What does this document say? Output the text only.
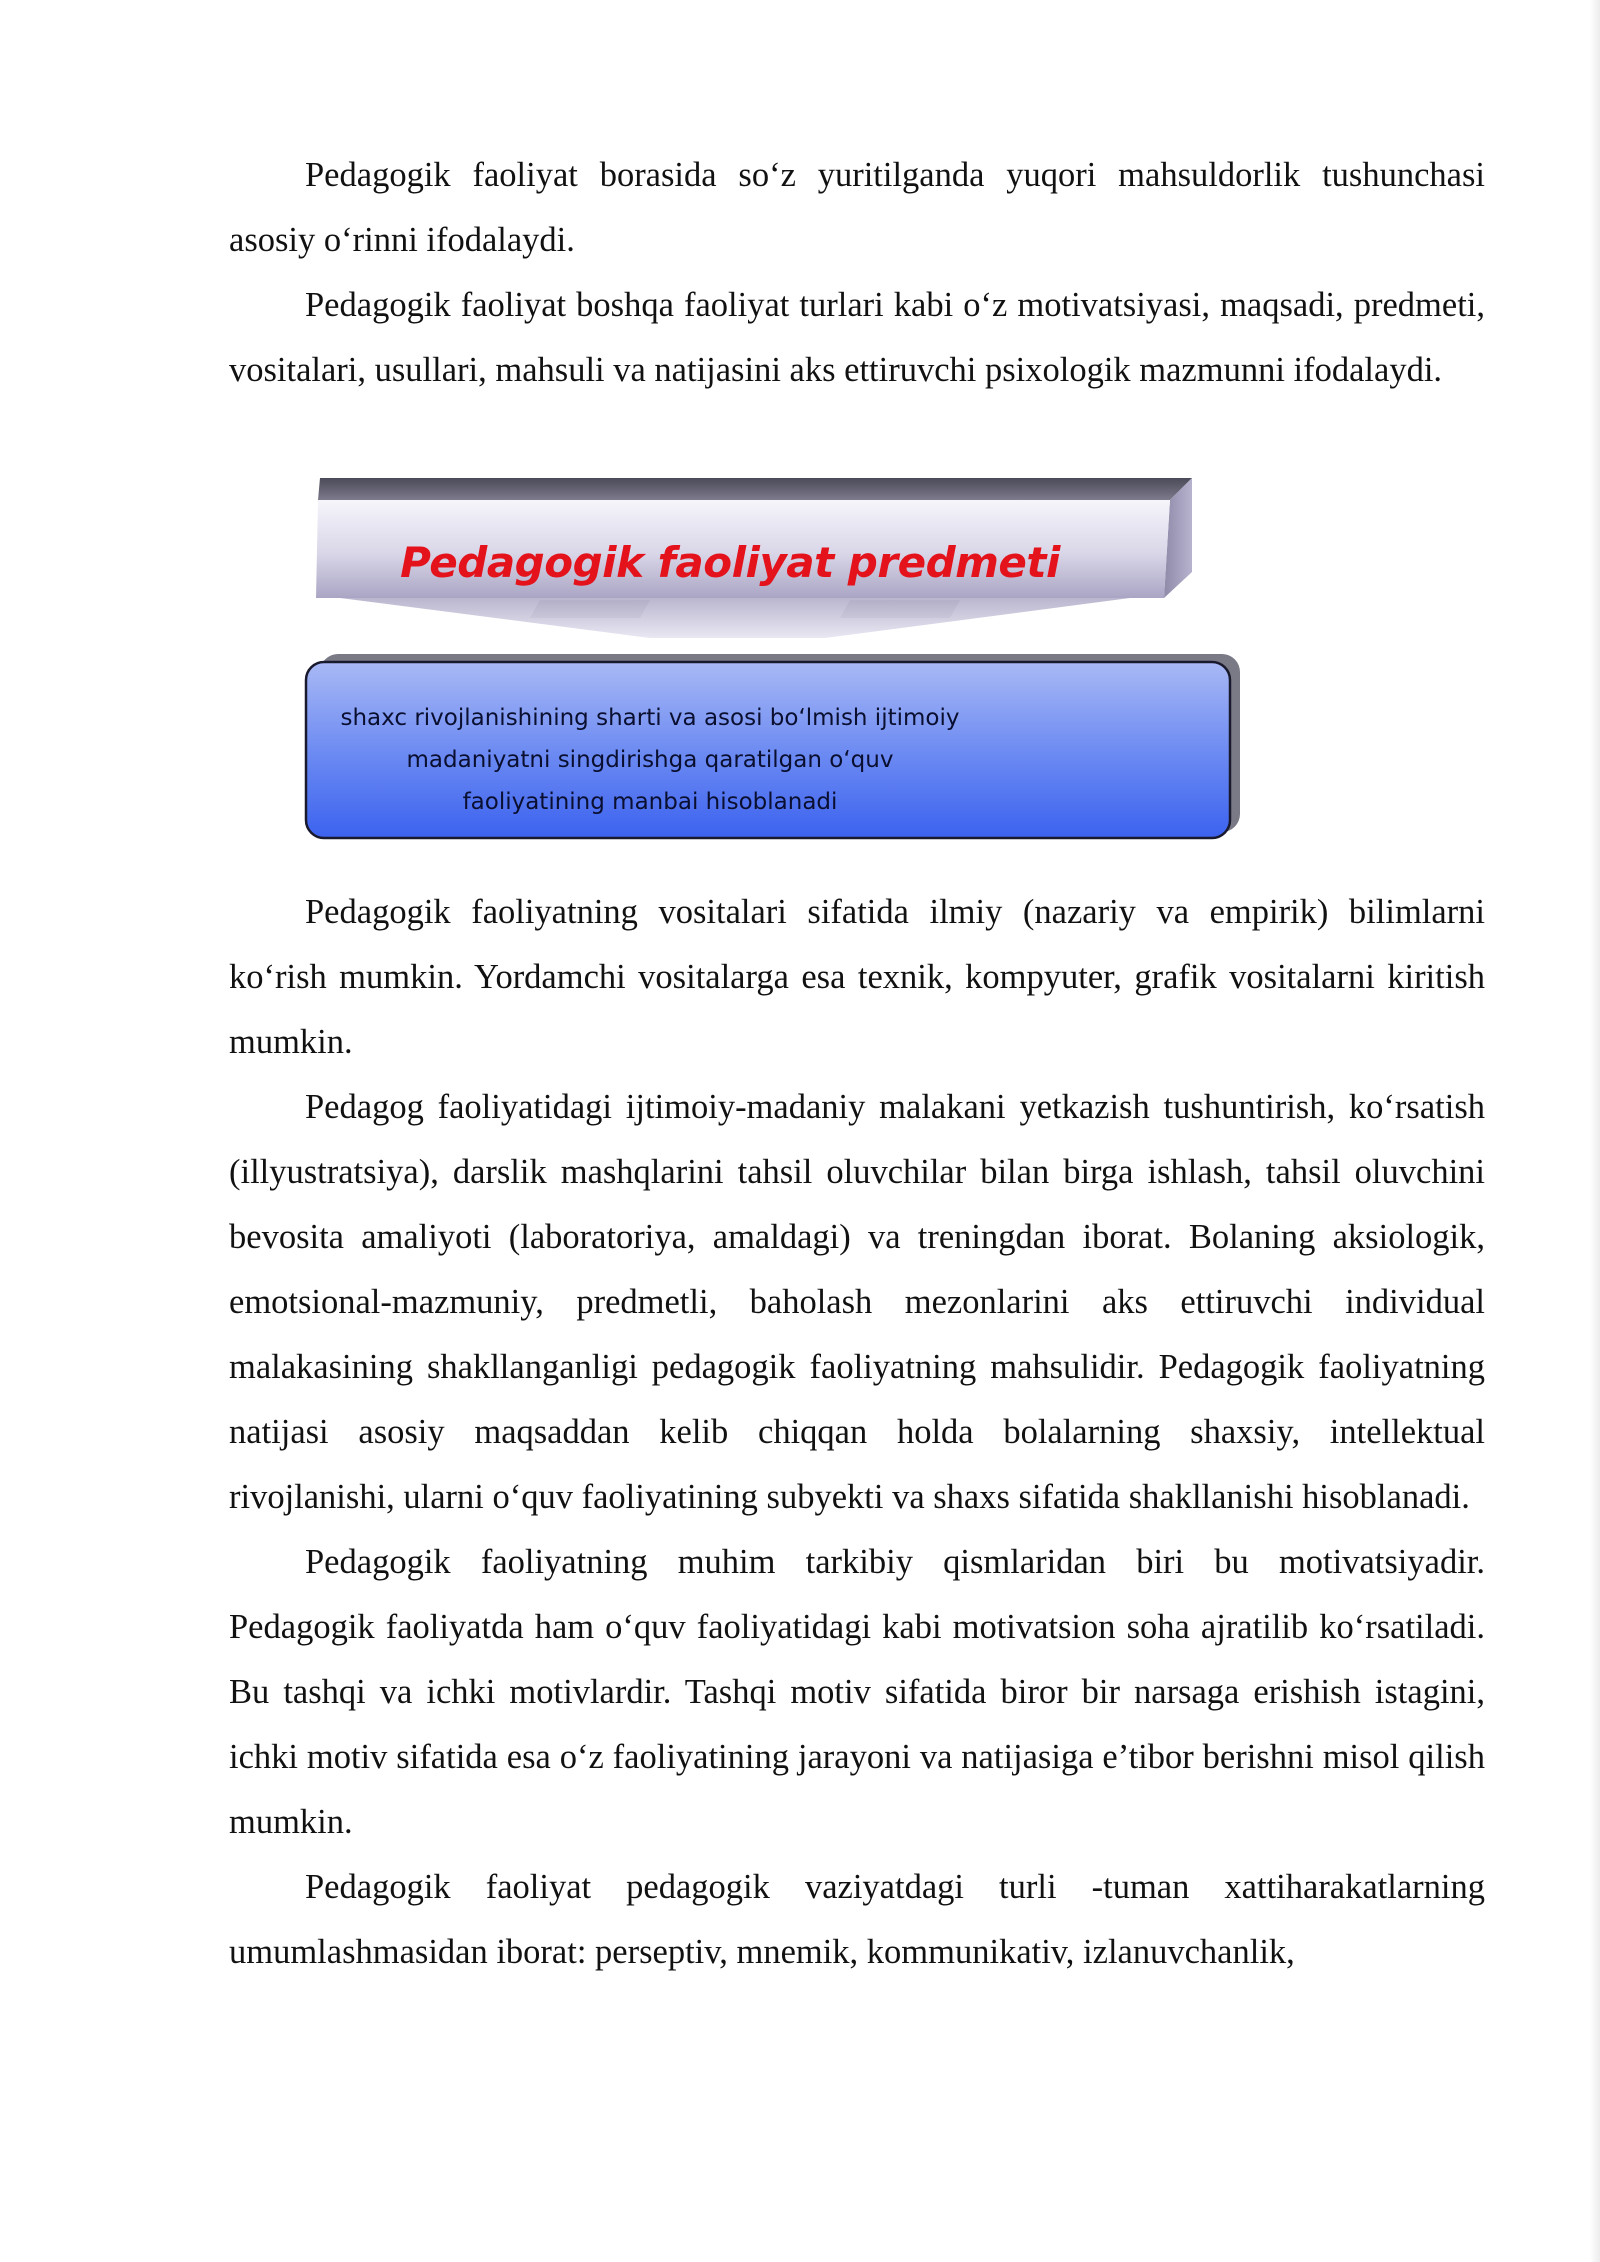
Pedagogik faoliyat borasida so‘z yuritilganda yuqori mahsuldorlik tushunchasi asosiy o‘rinni ifodalaydi.

Pedagogik faoliyat boshqa faoliyat turlari kabi o‘z motivatsiyasi, maqsadi, predmeti, vositalari, usullari, mahsuli va natijasini aks ettiruvchi psixologik mazmunni ifodalaydi.

Pedagogik faoliyat predmeti
shaxc rivojlanishining sharti va asosi bo‘lmish ijtimoiy madaniyatni singdirishga qaratilgan o‘quv faoliyatining manbai hisoblanadi

Pedagogik faoliyatning vositalari sifatida ilmiy (nazariy va empirik) bilimlarni ko‘rish mumkin. Yordamchi vositalarga esa texnik, kompyuter, grafik vositalarni kiritish mumkin.

Pedagog faoliyatidagi ijtimoiy-madaniy malakani yetkazish tushuntirish, ko‘rsatish (illyustratsiya), darslik mashqlarini tahsil oluvchilar bilan birga ishlash, tahsil oluvchini bevosita amaliyoti (laboratoriya, amaldagi) va treningdan iborat. Bolaning aksiologik, emotsional-mazmuniy, predmetli, baholash mezonlarini aks ettiruvchi individual malakasining shakllanganligi pedagogik faoliyatning mahsulidir. Pedagogik faoliyatning natijasi asosiy maqsaddan kelib chiqqan holda bolalarning shaxsiy, intellektual rivojlanishi, ularni o‘quv faoliyatining subyekti va shaxs sifatida shakllanishi hisoblanadi.

Pedagogik faoliyatning muhim tarkibiy qismlaridan biri bu motivatsiyadir. Pedagogik faoliyatda ham o‘quv faoliyatidagi kabi motivatsion soha ajratilib ko‘rsatiladi. Bu tashqi va ichki motivlardir. Tashqi motiv sifatida biror bir narsaga erishish istagini, ichki motiv sifatida esa o‘z faoliyatining jarayoni va natijasiga e’tibor berishni misol qilish mumkin.

Pedagogik faoliyat pedagogik vaziyatdagi turli -tuman xattiharakatlarning umumlashmasidan iborat: perseptiv, mnemik, kommunikativ, izlanuvchanlik,
